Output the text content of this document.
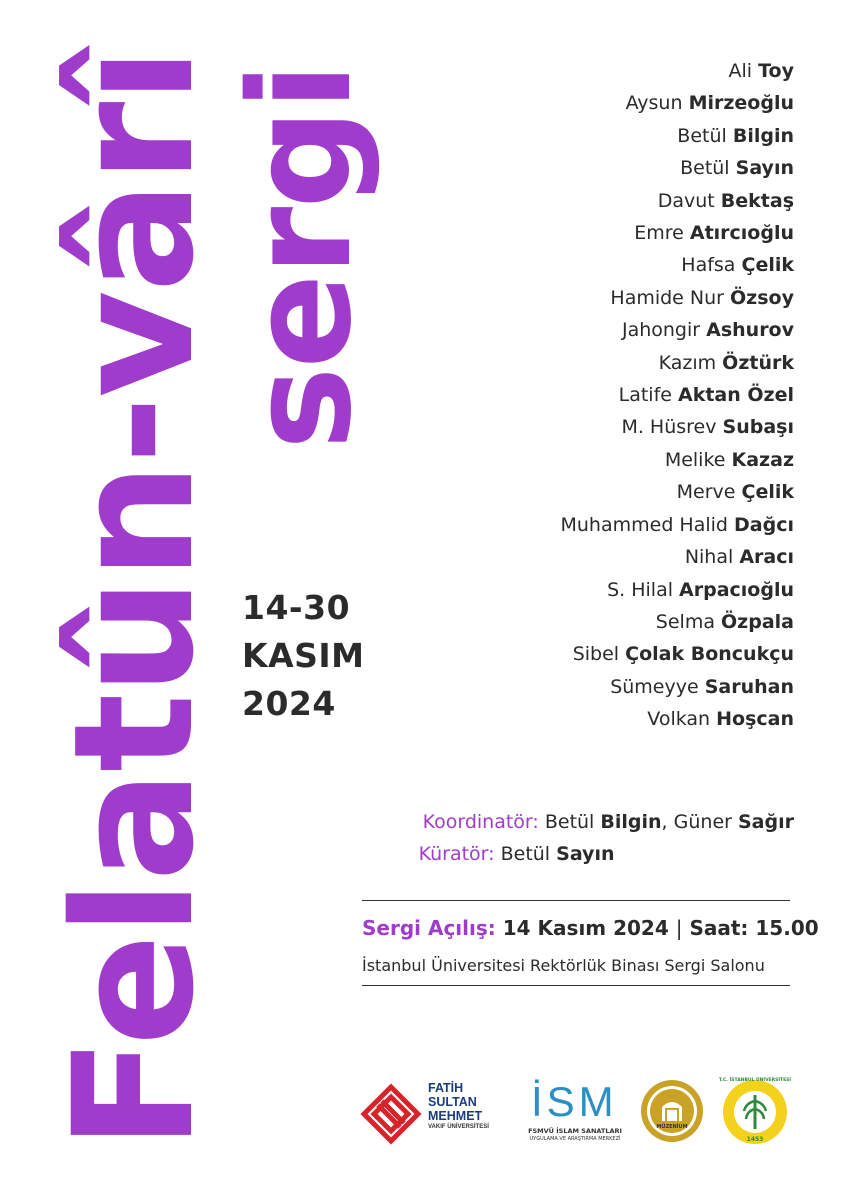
Felatûn-vârî
sergi
14-30
KASIM
2024
Ali Toy
Aysun Mirzeoğlu
Betül Bilgin
Betül Sayın
Davut Bektaş
Emre Atırcıoğlu
Hafsa Çelik
Hamide Nur Özsoy
Jahongir Ashurov
Kazım Öztürk
Latife Aktan Özel
M. Hüsrev Subaşı
Melike Kazaz
Merve Çelik
Muhammed Halid Dağcı
Nihal Aracı
S. Hilal Arpacıoğlu
Selma Özpala
Sibel Çolak Boncukçu
Sümeyye Saruhan
Volkan Hoşcan
Koordinatör: Betül Bilgin, Güner Sağır
Küratör: Betül Sayın
Sergi Açılış: 14 Kasım 2024 | Saat: 15.00
İstanbul Üniversitesi Rektörlük Binası Sergi Salonu
FATİH
SULTAN
MEHMET
VAKIF ÜNİVERSİTESİ
İSM
FSMVÜ İSLAM SANATLARI
UYGULAMA VE ARAŞTIRMA MERKEZİ
MÜZENİUM
T.C. İSTANBUL ÜNİVERSİTESİ
1453
